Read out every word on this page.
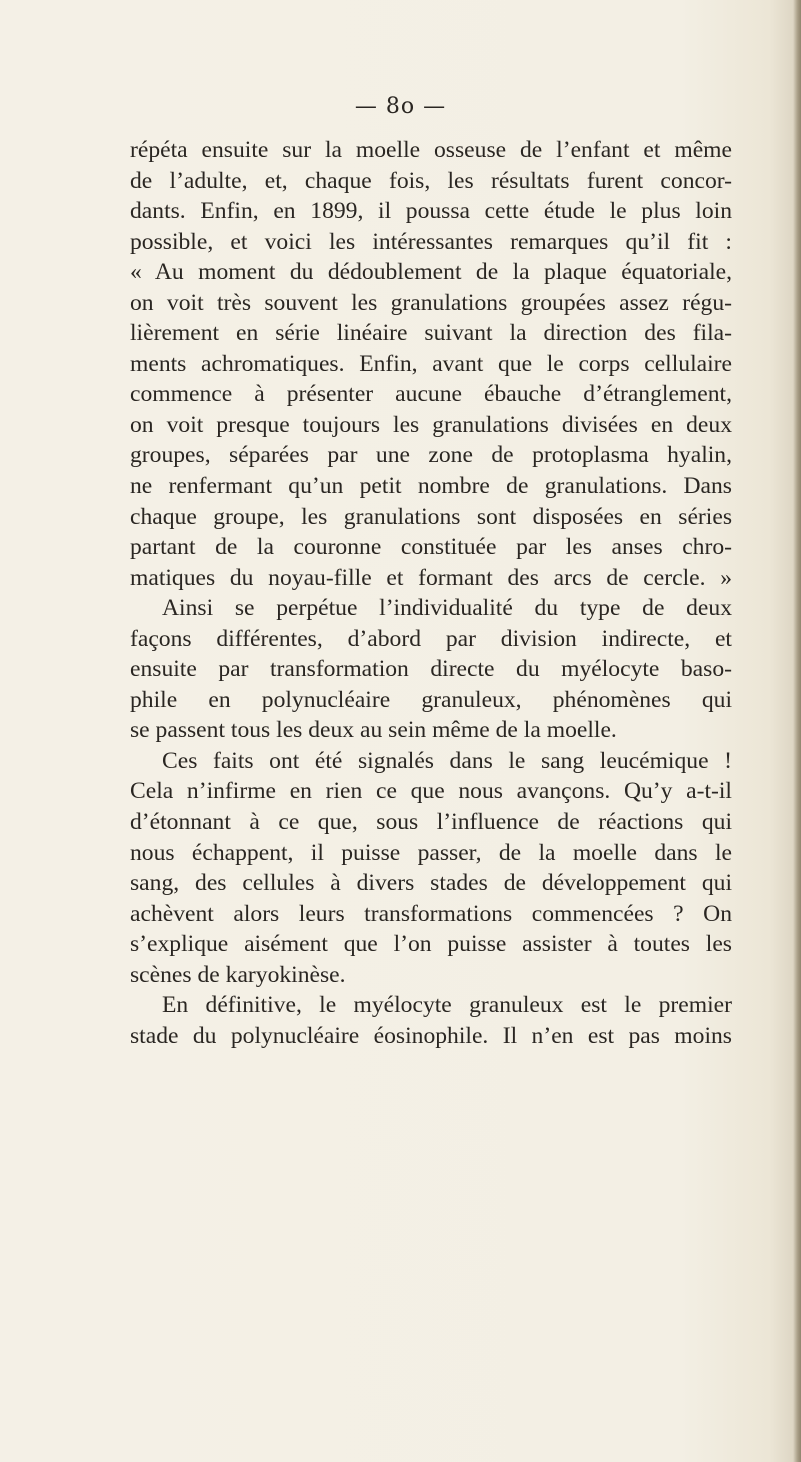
— 8o —
répéta ensuite sur la moelle osseuse de l’enfant et même
de l’adulte, et, chaque fois, les résultats furent concor-
dants. Enfin, en 1899, il poussa cette étude le plus loin
possible, et voici les intéressantes remarques qu’il fit :
« Au moment du dédoublement de la plaque équatoriale,
on voit très souvent les granulations groupées assez régu-
lièrement en série linéaire suivant la direction des fila-
ments achromatiques. Enfin, avant que le corps cellulaire
commence à présenter aucune ébauche d’étranglement,
on voit presque toujours les granulations divisées en deux
groupes, séparées par une zone de protoplasma hyalin,
ne renfermant qu’un petit nombre de granulations. Dans
chaque groupe, les granulations sont disposées en séries
partant de la couronne constituée par les anses chro-
matiques du noyau-fille et formant des arcs de cercle. »
Ainsi se perpétue l’individualité du type de deux
façons différentes, d’abord par division indirecte, et
ensuite par transformation directe du myélocyte baso-
phile en polynucléaire granuleux, phénomènes qui
se passent tous les deux au sein même de la moelle.
Ces faits ont été signalés dans le sang leucémique !
Cela n’infirme en rien ce que nous avançons. Qu’y a-t-il
d’étonnant à ce que, sous l’influence de réactions qui
nous échappent, il puisse passer, de la moelle dans le
sang, des cellules à divers stades de développement qui
achèvent alors leurs transformations commencées ? On
s’explique aisément que l’on puisse assister à toutes les
scènes de karyokinèse.
En définitive, le myélocyte granuleux est le premier
stade du polynucléaire éosinophile. Il n’en est pas moins
